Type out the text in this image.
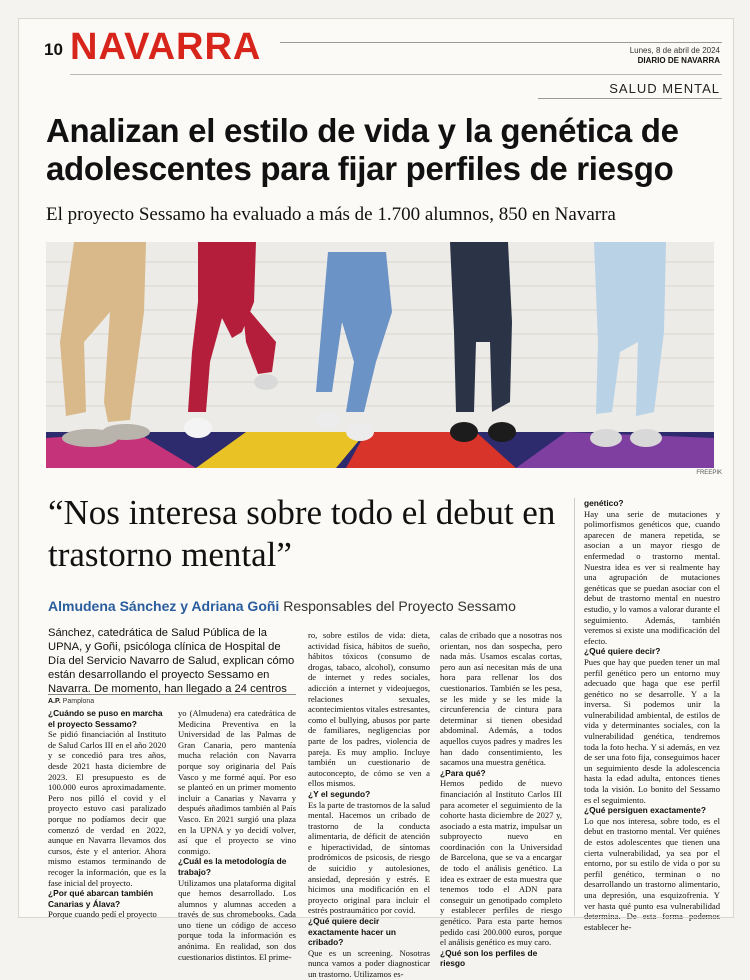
10 NAVARRA	Lunes, 8 de abril de 2024
DIARIO DE NAVARRA
SALUD MENTAL
Analizan el estilo de vida y la genética de adolescentes para fijar perfiles de riesgo
El proyecto Sessamo ha evaluado a más de 1.700 alumnos, 850 en Navarra
FREEPIK
“Nos interesa sobre todo el debut en trastorno mental”
Almudena Sánchez y Adriana Goñi Responsables del Proyecto Sessamo
Sánchez, catedrática de Salud Pública de la UPNA, y Goñi, psicóloga clínica de Hospital de Día del Servicio Navarro de Salud, explican cómo están desarrollando el proyecto Sessamo en Navarra. De momento, han llegado a 24 centros
A.P. Pamplona

¿Cuándo se puso en marcha el proyecto Sessamo?

Se pidió financiación al Instituto de Salud Carlos III en el año 2020 y se concedió para tres años, desde 2021 hasta diciembre de 2023. El presupuesto es de 100.000 euros aproximadamente. Pero nos pilló el covid y el proyecto estuvo casi paralizado porque no podíamos decir que comenzó de verdad en 2022, aunque en Navarra llevamos dos cursos, éste y el anterior. Ahora mismo estamos terminando de recoger la información, que es la fase inicial del proyecto.

¿Por qué abarcan también Canarias y Álava?

Porque cuando pedí el proyecto

yo (Almudena) era catedrática de Medicina Preventiva en la Universidad de las Palmas de Gran Canaria, pero mantenía mucha relación con Navarra porque soy originaria del País Vasco y me formé aquí. Por eso se planteó en un primer momento incluir a Canarias y Navarra y después añadimos también al País Vasco. En 2021 surgió una plaza en la UPNA y yo decidí volver, así que el proyecto se vino conmigo.

¿Cuál es la metodología de trabajo?

Utilizamos una plataforma digital que hemos desarrollado. Los alumnos y alumnas acceden a través de sus chromebooks. Cada uno tiene un código de acceso porque toda la información es anónima. En realidad, son dos cuestionarios distintos. El prime-

ro, sobre estilos de vida: dieta, actividad física, hábitos de sueño, hábitos tóxicos (consumo de drogas, tabaco, alcohol), consumo de internet y redes sociales, adicción a internet y videojuegos, relaciones sexuales, acontecimientos vitales estresantes, como el bullying, abusos por parte de familiares, negligencias por parte de los padres, violencia de pareja. Es muy amplio. Incluye también un cuestionario de autoconcepto, de cómo se ven a ellos mismos.

¿Y el segundo?

Es la parte de trastornos de la salud mental. Hacemos un cribado de trastorno de la conducta alimentaria, de déficit de atención e hiperactividad, de síntomas prodrómicos de psicosis, de riesgo de suicidio y autolesiones, ansiedad, depresión y estrés. E hicimos una modificación en el proyecto original para incluir el estrés postraumático por covid.

¿Qué quiere decir exactamente hacer un cribado?

Que es un screening. Nosotras nunca vamos a poder diagnosticar un trastorno. Utilizamos es-

calas de cribado que a nosotras nos orientan, nos dan sospecha, pero nada más. Usamos escalas cortas, pero aun así necesitan más de una hora para rellenar los dos cuestionarios. También se les pesa, se les mide y se les mide la circunferencia de cintura para determinar si tienen obesidad abdominal. Además, a todos aquellos cuyos padres y madres les han dado consentimiento, les sacamos una muestra genética.

¿Para qué?

Hemos pedido de nuevo financiación al Instituto Carlos III para acometer el seguimiento de la cohorte hasta diciembre de 2027 y, asociado a esta matriz, impulsar un subproyecto nuevo en coordinación con la Universidad de Barcelona, que se va a encargar de todo el análisis genético. La idea es extraer de esta muestra que tenemos todo el ADN para conseguir un genotipado completo y establecer perfiles de riesgo genético. Para esta parte hemos pedido casi 200.000 euros, porque el análisis genético es muy caro.

¿Qué son los perfiles de riesgo

genético?

Hay una serie de mutaciones y polimorfismos genéticos que, cuando aparecen de manera repetida, se asocian a un mayor riesgo de enfermedad o trastorno mental. Nuestra idea es ver si realmente hay una agrupación de mutaciones genéticas que se puedan asociar con el debut de trastorno mental en nuestro estudio, y lo vamos a valorar durante el seguimiento. Además, también veremos si existe una modificación del efecto.

¿Qué quiere decir?

Pues que hay que pueden tener un mal perfil genético pero un entorno muy adecuado que haga que ese perfil genético no se desarrolle. Y a la inversa. Si podemos unir la vulnerabilidad ambiental, de estilos de vida y determinantes sociales, con la vulnerabilidad genética, tendremos toda la foto hecha. Y si además, en vez de ser una foto fija, conseguimos hacer un seguimiento desde la adolescencia hasta la edad adulta, entonces tienes toda la visión. Lo bonito del Sessamo es el seguimiento.

¿Qué persiguen exactamente?

Lo que nos interesa, sobre todo, es el debut en trastorno mental. Ver quiénes de estos adolescentes que tienen una cierta vulnerabilidad, ya sea por el entorno, por su estilo de vida o por su perfil genético, terminan o no desarrollando un trastorno alimentario, una depresión, una esquizofrenia. Y ver hasta qué punto esa vulnerabilidad determina. De esta forma podemos establecer he-
